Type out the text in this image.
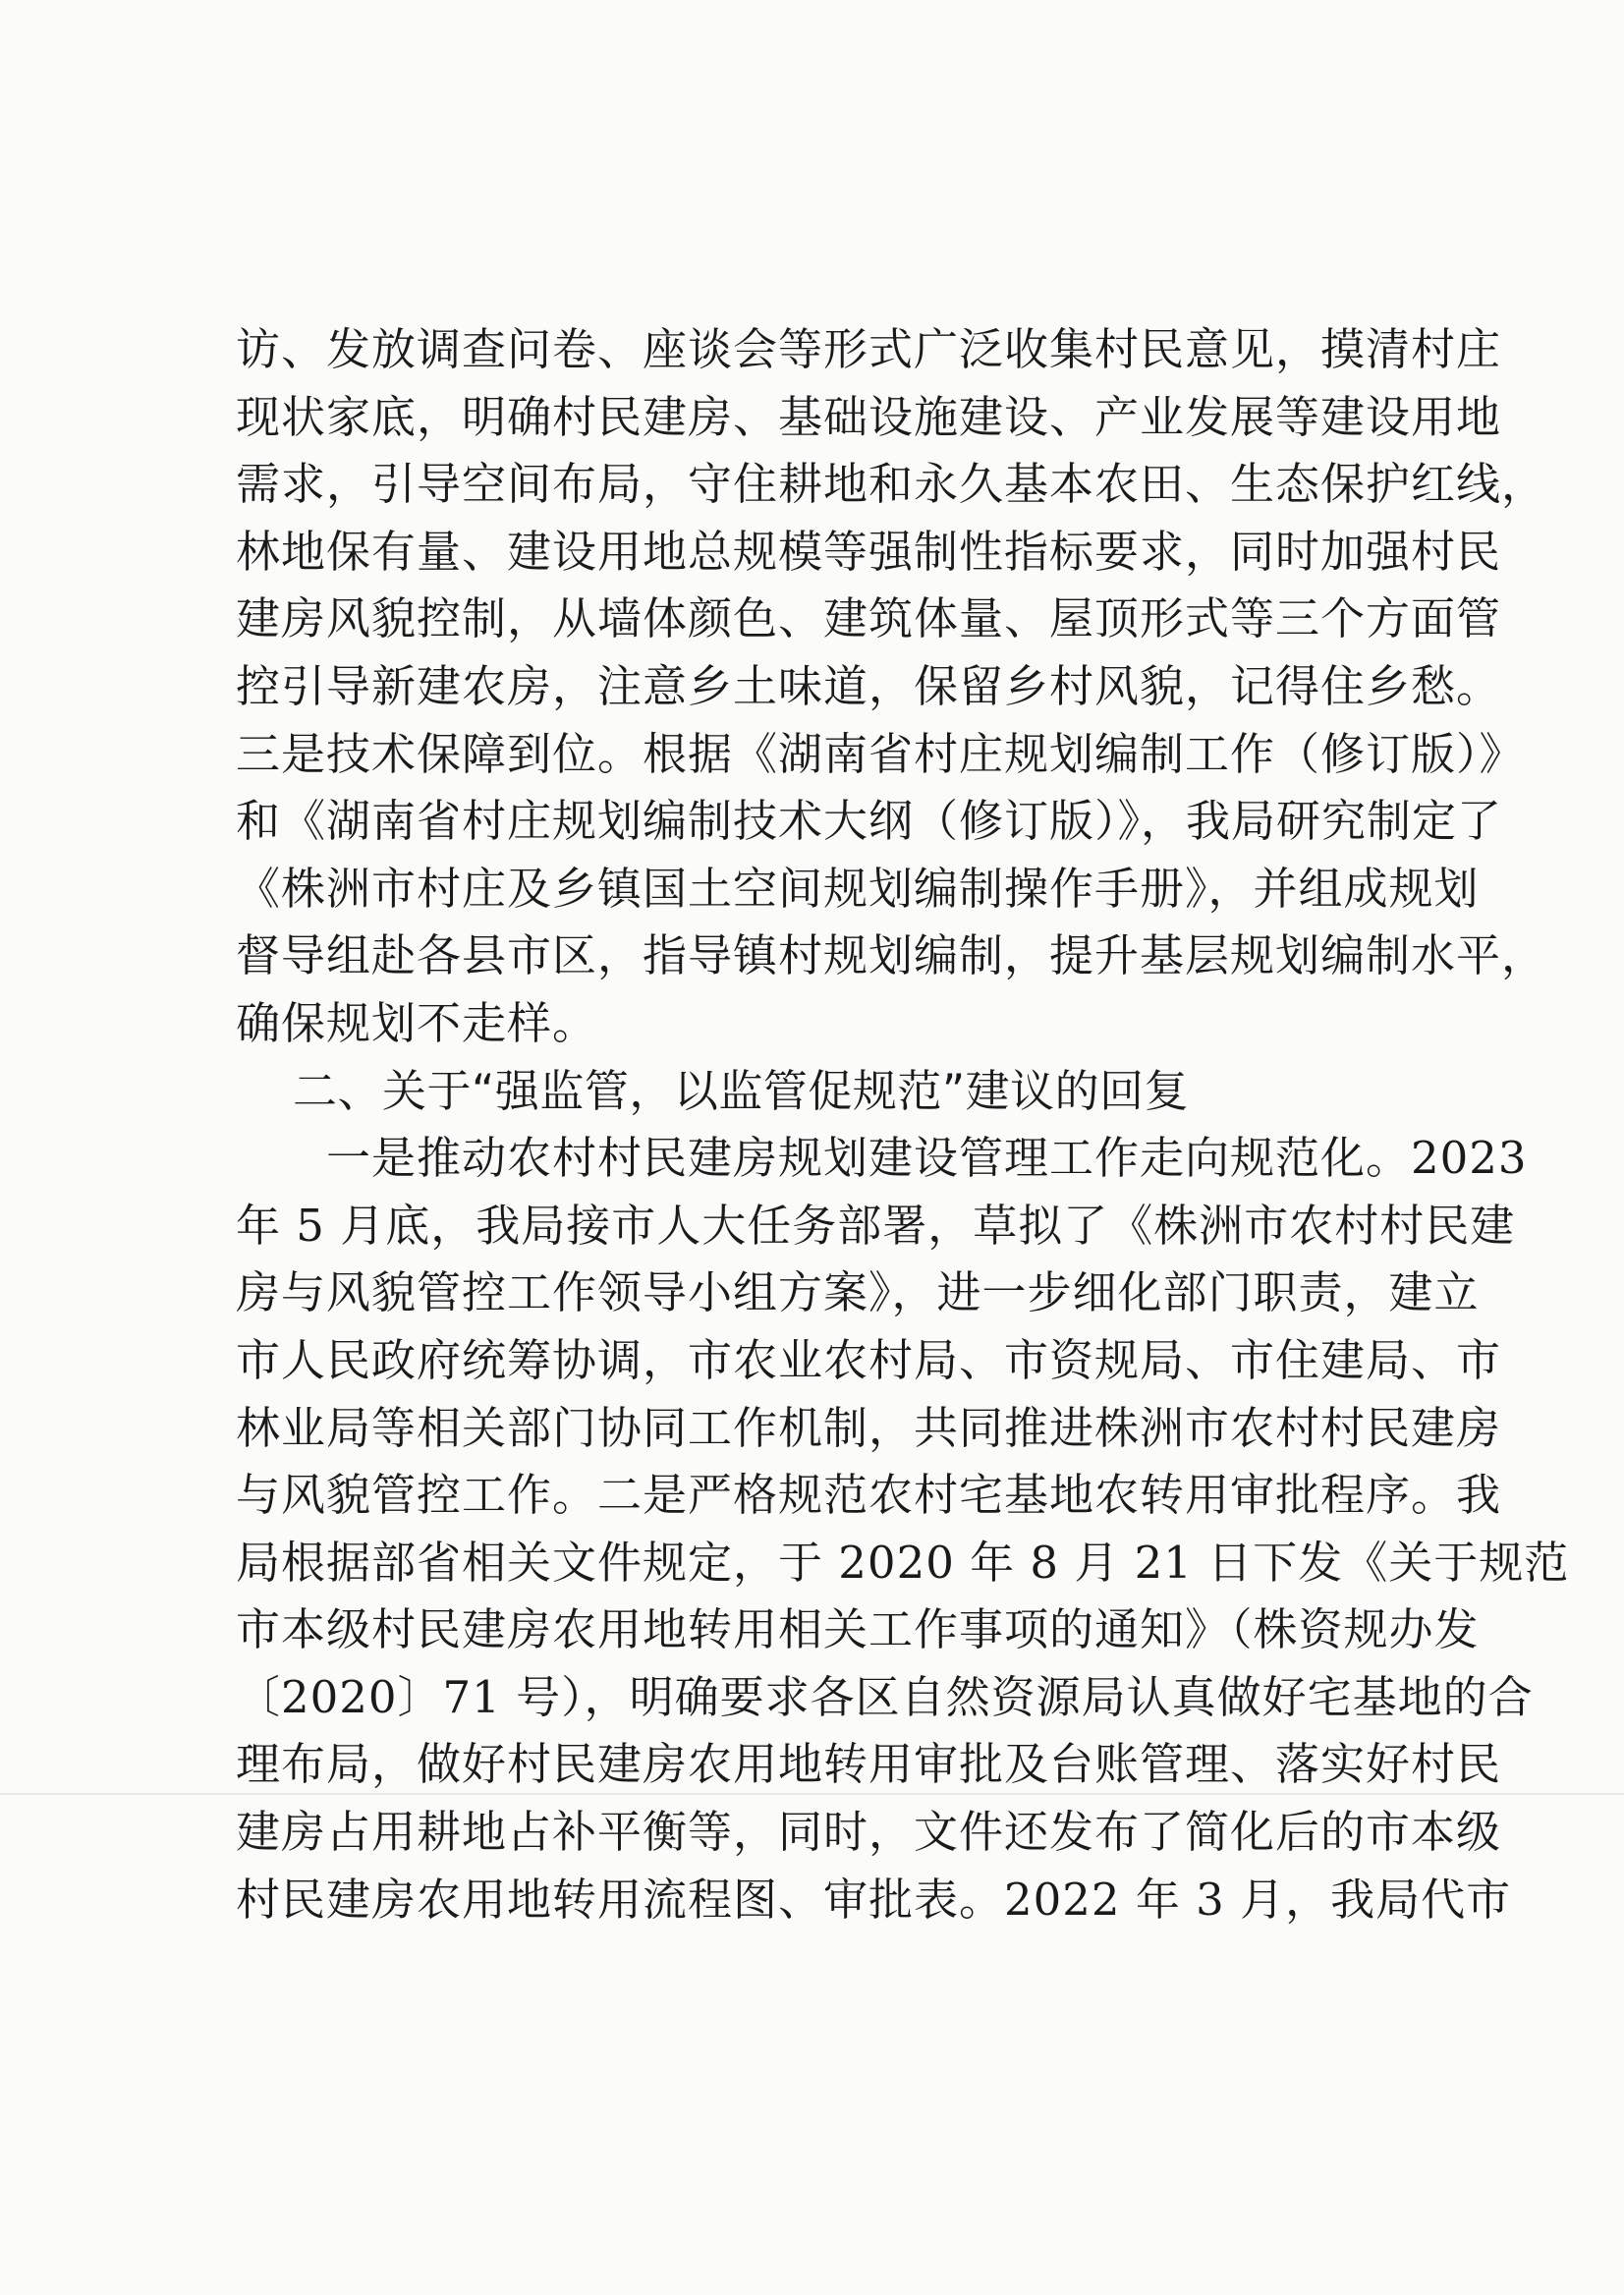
访、发放调查问卷、座谈会等形式广泛收集村民意见，摸清村庄
现状家底，明确村民建房、基础设施建设、产业发展等建设用地
需求，引导空间布局，守住耕地和永久基本农田、生态保护红线，
林地保有量、建设用地总规模等强制性指标要求，同时加强村民
建房风貌控制，从墙体颜色、建筑体量、屋顶形式等三个方面管
控引导新建农房，注意乡土味道，保留乡村风貌，记得住乡愁。
三是技术保障到位。根据《湖南省村庄规划编制工作（修订版）》
和《湖南省村庄规划编制技术大纲（修订版）》，我局研究制定了
《株洲市村庄及乡镇国土空间规划编制操作手册》，并组成规划
督导组赴各县市区，指导镇村规划编制，提升基层规划编制水平，
确保规划不走样。
二、关于“强监管，以监管促规范”建议的回复
　　一是推动农村村民建房规划建设管理工作走向规范化。2023
年 5 月底，我局接市人大任务部署，草拟了《株洲市农村村民建
房与风貌管控工作领导小组方案》，进一步细化部门职责，建立
市人民政府统筹协调，市农业农村局、市资规局、市住建局、市
林业局等相关部门协同工作机制，共同推进株洲市农村村民建房
与风貌管控工作。二是严格规范农村宅基地农转用审批程序。我
局根据部省相关文件规定，于 2020 年 8 月 21 日下发《关于规范
市本级村民建房农用地转用相关工作事项的通知》（株资规办发
〔2020〕71 号），明确要求各区自然资源局认真做好宅基地的合
理布局，做好村民建房农用地转用审批及台账管理、落实好村民
建房占用耕地占补平衡等，同时，文件还发布了简化后的市本级
村民建房农用地转用流程图、审批表。2022 年 3 月，我局代市
